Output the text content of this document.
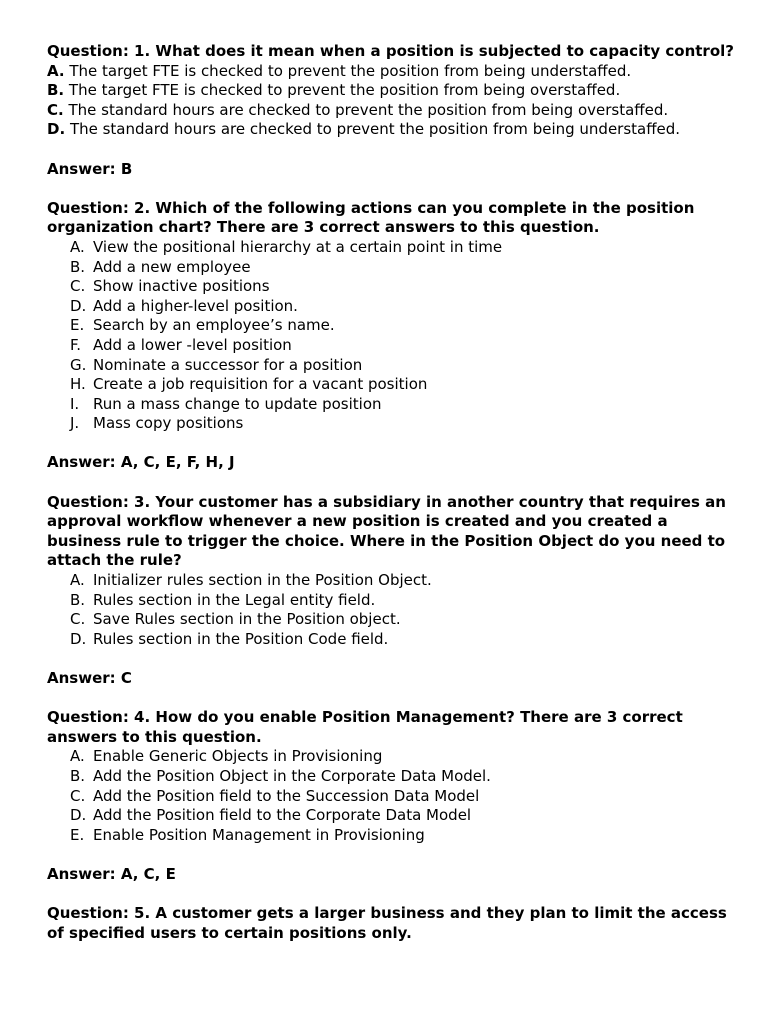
Question: 1. What does it mean when a position is subjected to capacity control?
A. The target FTE is checked to prevent the position from being understaffed.
B. The target FTE is checked to prevent the position from being overstaffed.
C. The standard hours are checked to prevent the position from being overstaffed.
D. The standard hours are checked to prevent the position from being understaffed.
Answer: B
Question: 2. Which of the following actions can you complete in the position organization chart? There are 3 correct answers to this question.
A. View the positional hierarchy at a certain point in time
B. Add a new employee
C. Show inactive positions
D. Add a higher-level position.
E. Search by an employee’s name.
F. Add a lower -level position
G. Nominate a successor for a position
H. Create a job requisition for a vacant position
I. Run a mass change to update position
J. Mass copy positions
Answer: A, C, E, F, H, J
Question: 3. Your customer has a subsidiary in another country that requires an approval workflow whenever a new position is created and you created a business rule to trigger the choice. Where in the Position Object do you need to attach the rule?
A. Initializer rules section in the Position Object.
B. Rules section in the Legal entity field.
C. Save Rules section in the Position object.
D. Rules section in the Position Code field.
Answer: C
Question: 4. How do you enable Position Management? There are 3 correct answers to this question.
A. Enable Generic Objects in Provisioning
B. Add the Position Object in the Corporate Data Model.
C. Add the Position field to the Succession Data Model
D. Add the Position field to the Corporate Data Model
E. Enable Position Management in Provisioning
Answer: A, C, E
Question: 5. A customer gets a larger business and they plan to limit the access of specified users to certain positions only.
